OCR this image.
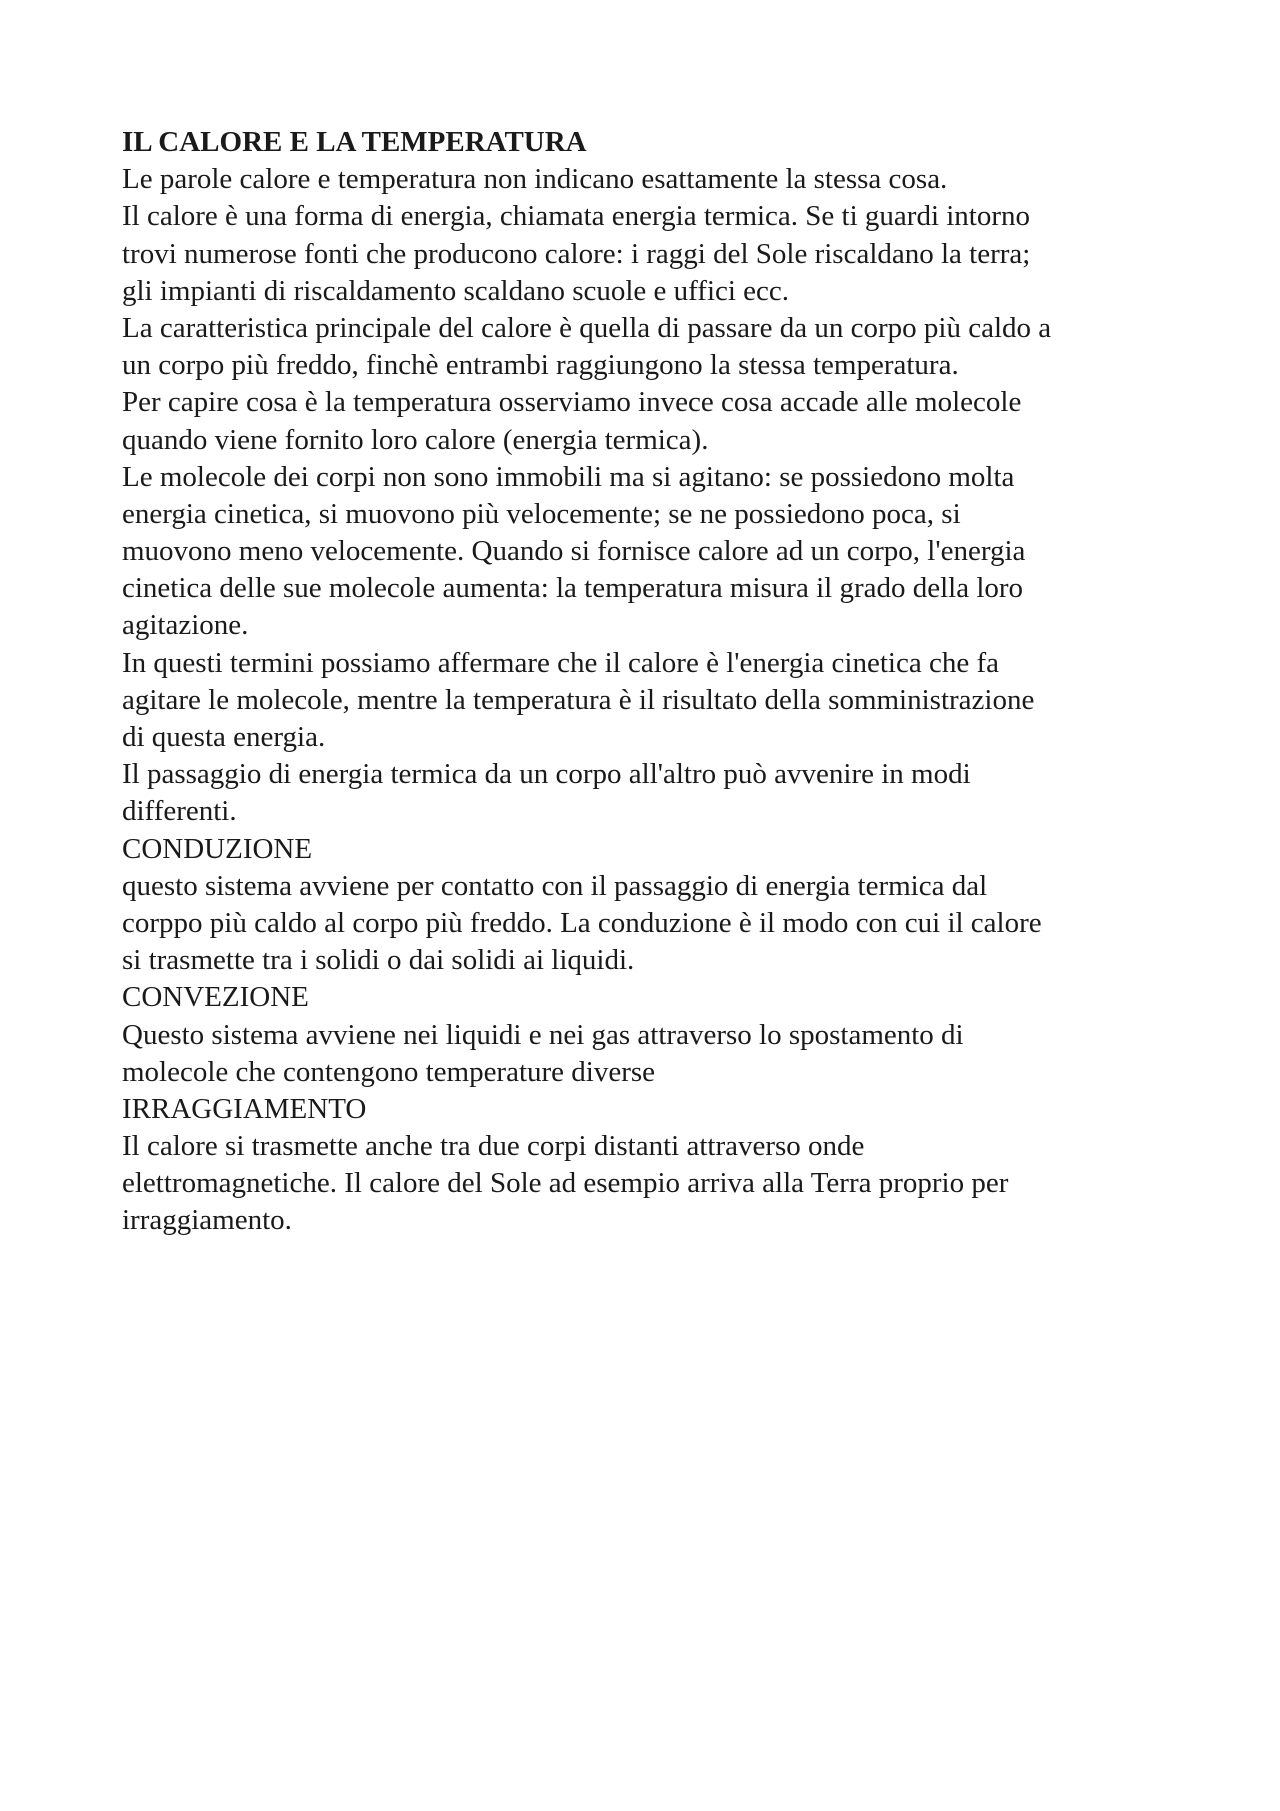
IL CALORE E LA TEMPERATURA
Le parole calore e temperatura non indicano esattamente la stessa cosa.
Il calore è una forma di energia, chiamata energia termica. Se ti guardi intorno
trovi numerose fonti che producono calore: i raggi del Sole riscaldano la terra;
gli impianti di riscaldamento scaldano scuole e uffici ecc.
La caratteristica principale del calore è quella di passare da un corpo più caldo a
un corpo più freddo, finchè entrambi raggiungono la stessa temperatura.
Per capire cosa è la temperatura osserviamo invece cosa accade alle molecole
quando viene fornito loro calore (energia termica).
Le molecole dei corpi non sono immobili ma si agitano: se possiedono molta
energia cinetica, si muovono più velocemente; se ne possiedono poca, si
muovono meno velocemente. Quando si fornisce calore ad un corpo, l'energia
cinetica delle sue molecole aumenta: la temperatura misura il grado della loro
agitazione.
In questi termini possiamo affermare che il calore è l'energia cinetica che fa
agitare le molecole, mentre la temperatura è il risultato della somministrazione
di questa energia.
Il passaggio di energia termica da un corpo all'altro può avvenire in modi
differenti.
CONDUZIONE
questo sistema avviene per contatto con il passaggio di energia termica dal
corppo più caldo al corpo più freddo. La conduzione è il modo con cui il calore
si trasmette tra i solidi o dai solidi ai liquidi.
CONVEZIONE
Questo sistema avviene nei liquidi e nei gas attraverso lo spostamento di
molecole che contengono temperature diverse
IRRAGGIAMENTO
Il calore si trasmette anche tra due corpi distanti attraverso onde
elettromagnetiche. Il calore del Sole ad esempio arriva alla Terra proprio per
irraggiamento.
